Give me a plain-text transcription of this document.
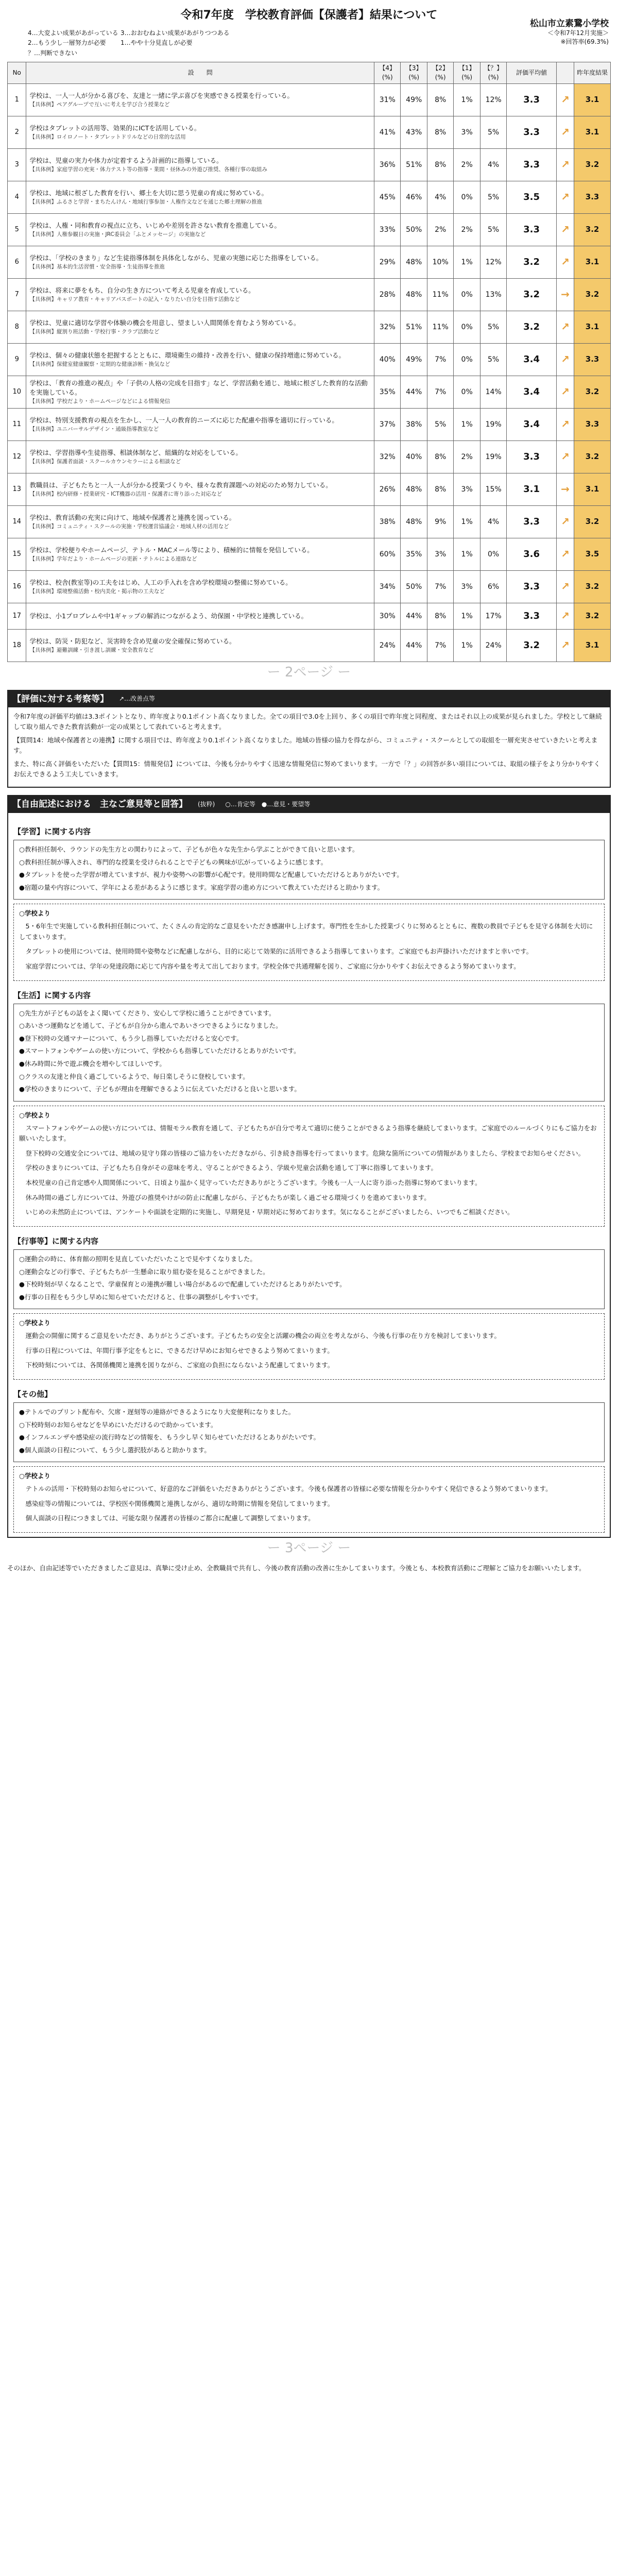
令和7年度　学校教育評価【保護者】結果について
松山市立素鵞小学校
4…大変よい成果があがっている 3…おおむねよい成果があがりつつある
2…もう少し一層努力が必要	1…やや十分見直しが必要
？…判断できない
＜令和7年12月実施＞
※回答率(69.3%)
No	設　　問	【4】(%)	【3】(%)	【2】(%)	【1】(%)	【？】(%)	評価平均値		昨年度結果
1	学校は、一人一人が分かる喜びを、友達と一緒に学ぶ喜びを実感できる授業を行っている。
【具体例】ペアグループで互いに考えを学び合う授業など	31%	49%	8%	1%	12%	3.3	↗	3.1
2	学校はタブレットの活用等、効果的にICTを活用している。
【具体例】ロイロノート・タブレットドリルなどの日常的な活用	41%	43%	8%	3%	5%	3.3	↗	3.1
3	学校は、児童の実力や体力が定着するよう計画的に指導している。
【具体例】家庭学習の充実・体力テスト等の指導・業間・昼休みの外遊び推奨、各種行事の取組み	36%	51%	8%	2%	4%	3.3	↗	3.2
4	学校は、地域に根ざした教育を行い、郷土を大切に思う児童の育成に努めている。
【具体例】ふるさと学習・まちたんけん・地域行事参加・人権作文などを通じた郷土理解の推進	45%	46%	4%	0%	5%	3.5	↗	3.3
5	学校は、人権・同和教育の視点に立ち、いじめや差別を許さない教育を推進している。
【具体例】人権参観日の実施・JRC委員会「ふとメッセージ」の実施など	33%	50%	2%	2%	5%	3.3	↗	3.2
6	学校は、「学校のきまり」など生徒指導体制を具体化しながら、児童の実態に応じた指導をしている。
【具体例】基本的生活習慣・安全指導・生徒指導を推進	29%	48%	10%	1%	12%	3.2	↗	3.1
7	学校は、将来に夢をもち、自分の生き方について考える児童を育成している。
【具体例】キャリア教育・キャリアパスポートの記入・なりたい自分を目指す活動など	28%	48%	11%	0%	13%	3.2	→	3.2
8	学校は、児童に適切な学習や体験の機会を用意し、望ましい人間関係を育むよう努めている。
【具体例】縦割り班活動・学校行事・クラブ活動など	32%	51%	11%	0%	5%	3.2	↗	3.1
9	学校は、個々の健康状態を把握するとともに、環境衛生の維持・改善を行い、健康の保持増進に努めている。
【具体例】保健室健康観察・定期的な健康診断・換気など	40%	49%	7%	0%	5%	3.4	↗	3.3
10	学校は、「教育の推進の視点」や「子供の人格の完成を目指す」など、学習活動を通じ、地域に根ざした教育的な活動を実施している。
【具体例】学校だより・ホームページなどによる情報発信	35%	44%	7%	0%	14%	3.4	↗	3.2
11	学校は、特別支援教育の視点を生かし、一人一人の教育的ニーズに応じた配慮や指導を適切に行っている。
【具体例】ユニバーサルデザイン・通級指導教室など	37%	38%	5%	1%	19%	3.4	↗	3.3
12	学校は、学習指導や生徒指導、相談体制など、組織的な対応をしている。
【具体例】保護者面談・スクールカウンセラーによる相談など	32%	40%	8%	2%	19%	3.3	↗	3.2
13	教職員は、子どもたちと一人一人が分かる授業づくりや、様々な教育課題への対応のため努力している。
【具体例】校内研修・授業研究・ICT機器の活用・保護者に寄り添った対応など	26%	48%	8%	3%	15%	3.1	→	3.1
14	学校は、教育活動の充実に向けて、地域や保護者と連携を図っている。
【具体例】コミュニティ・スクールの実施・学校運営協議会・地域人材の活用など	38%	48%	9%	1%	4%	3.3	↗	3.2
15	学校は、学校便りやホームページ、テトル・MACメール等により、積極的に情報を発信している。
【具体例】学年だより・ホームページの更新・テトルによる連絡など	60%	35%	3%	1%	0%	3.6	↗	3.5
16	学校は、校舎(教室等)の工夫をはじめ、人工の手入れを含め学校環境の整備に努めている。
【具体例】環境整備活動・校内美化・掲示物の工夫など	34%	50%	7%	3%	6%	3.3	↗	3.2
17	学校は、小1プロブレムや中1ギャップの解消につながるよう、幼保園・中学校と連携している。	30%	44%	8%	1%	17%	3.3	↗	3.2
18	学校は、防災・防犯など、災害時を含め児童の安全確保に努めている。
【具体例】避難訓練・引き渡し訓練・安全教育など	24%	44%	7%	1%	24%	3.2	↗	3.1
ー 2ページ ー
【評価に対する考察等】 ↗…改善点等

令和7年度の評価平均値は3.3ポイントとなり、昨年度より0.1ポイント高くなりました。全ての項目で3.0を上回り、多くの項目で昨年度と同程度、またはそれ以上の成果が見られました。学校として継続して取り組んできた教育活動が一定の成果として表れていると考えます。

【質問14：地域や保護者との連携】に関する項目では、昨年度より0.1ポイント高くなりました。地域の皆様の協力を得ながら、コミュニティ・スクールとしての取組を一層充実させていきたいと考えます。

また、特に高く評価をいただいた【質問15：情報発信】については、今後も分かりやすく迅速な情報発信に努めてまいります。一方で「？」の回答が多い項目については、取組の様子をより分かりやすくお伝えできるよう工夫していきます。

【自由記述における　主なご意見等と回答】 (抜粋) ○…肯定等　●…意見・要望等
【学習】に関する内容

○教科担任制や、ラウンドの先生方との関わりによって、子どもが色々な先生から学ぶことができて良いと思います。

○教科担任制が導入され、専門的な授業を受けられることで子どもの興味が広がっているように感じます。

●タブレットを使った学習が増えていますが、視力や姿勢への影響が心配です。使用時間など配慮していただけるとありがたいです。

●宿題の量や内容について、学年による差があるように感じます。家庭学習の進め方について教えていただけると助かります。

○学校より

5・6年生で実施している教科担任制について、たくさんの肯定的なご意見をいただき感謝申し上げます。専門性を生かした授業づくりに努めるとともに、複数の教員で子どもを見守る体制を大切にしてまいります。

タブレットの使用については、使用時間や姿勢などに配慮しながら、目的に応じて効果的に活用できるよう指導してまいります。ご家庭でもお声掛けいただけますと幸いです。

家庭学習については、学年の発達段階に応じて内容や量を考えて出しております。学校全体で共通理解を図り、ご家庭に分かりやすくお伝えできるよう努めてまいります。

【生活】に関する内容

○先生方が子どもの話をよく聞いてくださり、安心して学校に通うことができています。

○あいさつ運動などを通して、子どもが自分から進んであいさつできるようになりました。

●登下校時の交通マナーについて、もう少し指導していただけると安心です。

●スマートフォンやゲームの使い方について、学校からも指導していただけるとありがたいです。

●休み時間に外で遊ぶ機会を増やしてほしいです。

○クラスの友達と仲良く過ごしているようで、毎日楽しそうに登校しています。

●学校のきまりについて、子どもが理由を理解できるように伝えていただけると良いと思います。

○学校より

スマートフォンやゲームの使い方については、情報モラル教育を通して、子どもたちが自分で考えて適切に使うことができるよう指導を継続してまいります。ご家庭でのルールづくりにもご協力をお願いいたします。

登下校時の交通安全については、地域の見守り隊の皆様のご協力をいただきながら、引き続き指導を行ってまいります。危険な箇所についての情報がありましたら、学校までお知らせください。

学校のきまりについては、子どもたち自身がその意味を考え、守ることができるよう、学級や児童会活動を通して丁寧に指導してまいります。

本校児童の自己肯定感や人間関係について、日頃より温かく見守っていただきありがとうございます。今後も一人一人に寄り添った指導に努めてまいります。

休み時間の過ごし方については、外遊びの推奨やけがの防止に配慮しながら、子どもたちが楽しく過ごせる環境づくりを進めてまいります。

いじめの未然防止については、アンケートや面談を定期的に実施し、早期発見・早期対応に努めております。気になることがございましたら、いつでもご相談ください。

【行事等】に関する内容

○運動会の時に、体育館の照明を見直していただいたことで見やすくなりました。

○運動会などの行事で、子どもたちが一生懸命に取り組む姿を見ることができました。

●下校時刻が早くなることで、学童保育との連携が難しい場合があるので配慮していただけるとありがたいです。

●行事の日程をもう少し早めに知らせていただけると、仕事の調整がしやすいです。

○学校より

運動会の開催に関するご意見をいただき、ありがとうございます。子どもたちの安全と活躍の機会の両立を考えながら、今後も行事の在り方を検討してまいります。

行事の日程については、年間行事予定をもとに、できるだけ早めにお知らせできるよう努めてまいります。

下校時刻については、各関係機関と連携を図りながら、ご家庭の負担にならないよう配慮してまいります。

【その他】

●テトルでのプリント配布や、欠席・遅刻等の連絡ができるようになり大変便利になりました。

○下校時刻のお知らせなどを早めにいただけるので助かっています。

●インフルエンザや感染症の流行時などの情報を、もう少し早く知らせていただけるとありがたいです。

●個人面談の日程について、もう少し選択肢があると助かります。

○学校より

テトルの活用・下校時刻のお知らせについて、好意的なご評価をいただきありがとうございます。今後も保護者の皆様に必要な情報を分かりやすく発信できるよう努めてまいります。

感染症等の情報については、学校医や関係機関と連携しながら、適切な時期に情報を発信してまいります。

個人面談の日程につきましては、可能な限り保護者の皆様のご都合に配慮して調整してまいります。

ー 3ページ ー
そのほか、自由記述等でいただきましたご意見は、真摯に受け止め、全教職員で共有し、今後の教育活動の改善に生かしてまいります。今後とも、本校教育活動にご理解とご協力をお願いいたします。
